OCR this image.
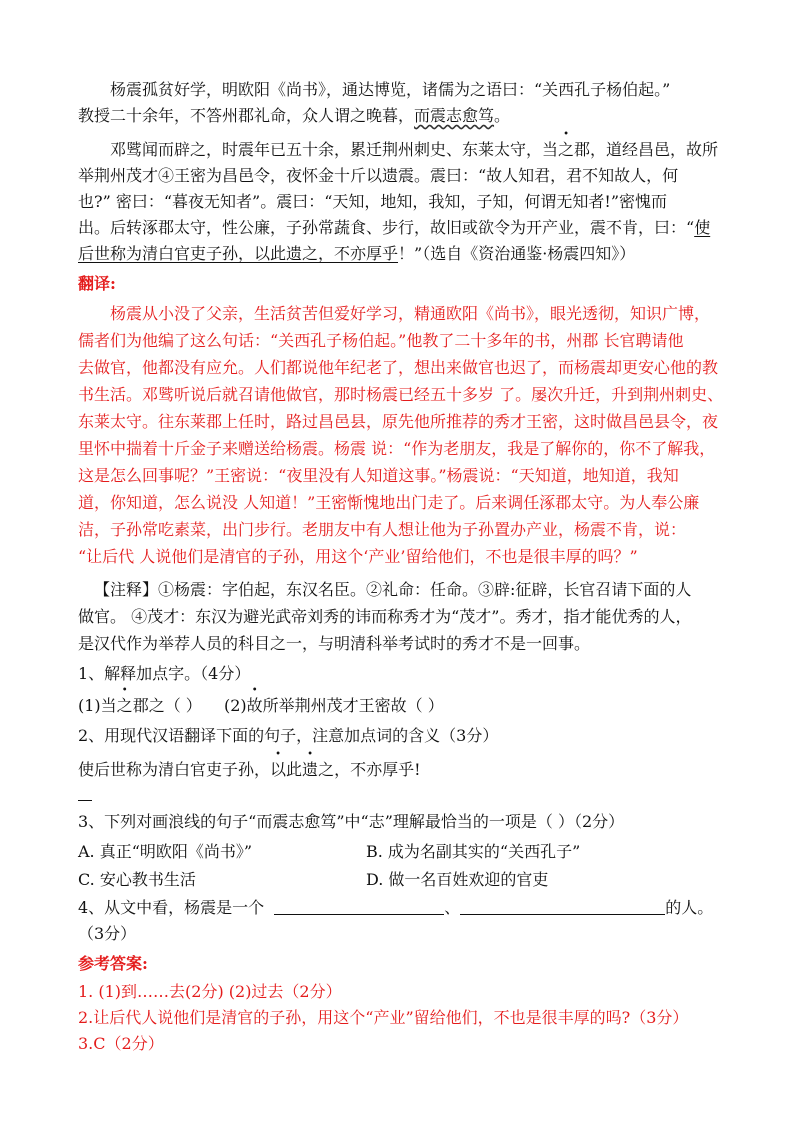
杨震孤贫好学，明欧阳《尚书》，通达博览，诸儒为之语曰：“关西孔子杨伯起。”
教授二十余年，不答州郡礼命，众人谓之晚暮，而震志愈笃。
邓骘闻而辟之，时震年已五十余，累迁荆州刺史、东莱太守，当之郡，道经昌邑，故所
举荆州茂才④王密为昌邑令，夜怀金十斤以遗震。震曰：“故人知君，君不知故人，何
也?” 密曰：“暮夜无知者”。震曰：“天知，地知，我知，子知，何谓无知者!”密愧而
出。后转涿郡太守，性公廉，子孙常蔬食、步行，故旧或欲令为开产业，震不肯，曰：“使
后世称为清白官吏子孙，以此遗之，不亦厚乎！”（选自《资治通鉴·杨震四知》）
翻译:
杨震从小没了父亲，生活贫苦但爱好学习，精通欧阳《尚书》，眼光透彻，知识广博，
儒者们为他编了这么句话：“关西孔子杨伯起。”他教了二十多年的书，州郡 长官聘请他
去做官，他都没有应允。人们都说他年纪老了，想出来做官也迟了，而杨震却更安心他的教
书生活。邓骘听说后就召请他做官，那时杨震已经五十多岁 了。屡次升迁，升到荆州刺史、
东莱太守。往东莱郡上任时，路过昌邑县，原先他所推荐的秀才王密，这时做昌邑县令，夜
里怀中揣着十斤金子来赠送给杨震。杨震 说：“作为老朋友，我是了解你的，你不了解我，
这是怎么回事呢？”王密说：“夜里没有人知道这事。”杨震说：“天知道，地知道，我知
道，你知道，怎么说没 人知道！”王密惭愧地出门走了。后来调任涿郡太守。为人奉公廉
洁，子孙常吃素菜，出门步行。老朋友中有人想让他为子孙置办产业，杨震不肯，说：
“让后代 人说他们是清官的子孙，用这个‘产业’留给他们，不也是很丰厚的吗？”
【注释】①杨震：字伯起，东汉名臣。②礼命：任命。③辟:征辟，长官召请下面的人
做官。 ④茂才：东汉为避光武帝刘秀的讳而称秀才为“茂才”。秀才，指才能优秀的人，
是汉代作为举荐人员的科目之一，与明清科举考试时的秀才不是一回事。
1、解释加点字。（4分）
(1)当之郡之（ ） (2)故所举荆州茂才王密故（ ）
2、用现代汉语翻译下面的句子，注意加点词的含义（3分）
使后世称为清白官吏子孙，以此遗之，不亦厚乎!
3、下列对画浪线的句子“而震志愈笃”中“志”理解最恰当的一项是（ ）（2分）
A. 真正“明欧阳《尚书》”	B. 成为名副其实的“关西孔子”
C. 安心教书生活	D. 做一名百姓欢迎的官吏
4、从文中看，杨震是一个	、	的人。
（3分）
参考答案:
1. (1)到……去(2分) (2)过去（2分）
2.让后代人说他们是清官的子孙，用这个“产业”留给他们，不也是很丰厚的吗?（3分）
3.C（2分）
